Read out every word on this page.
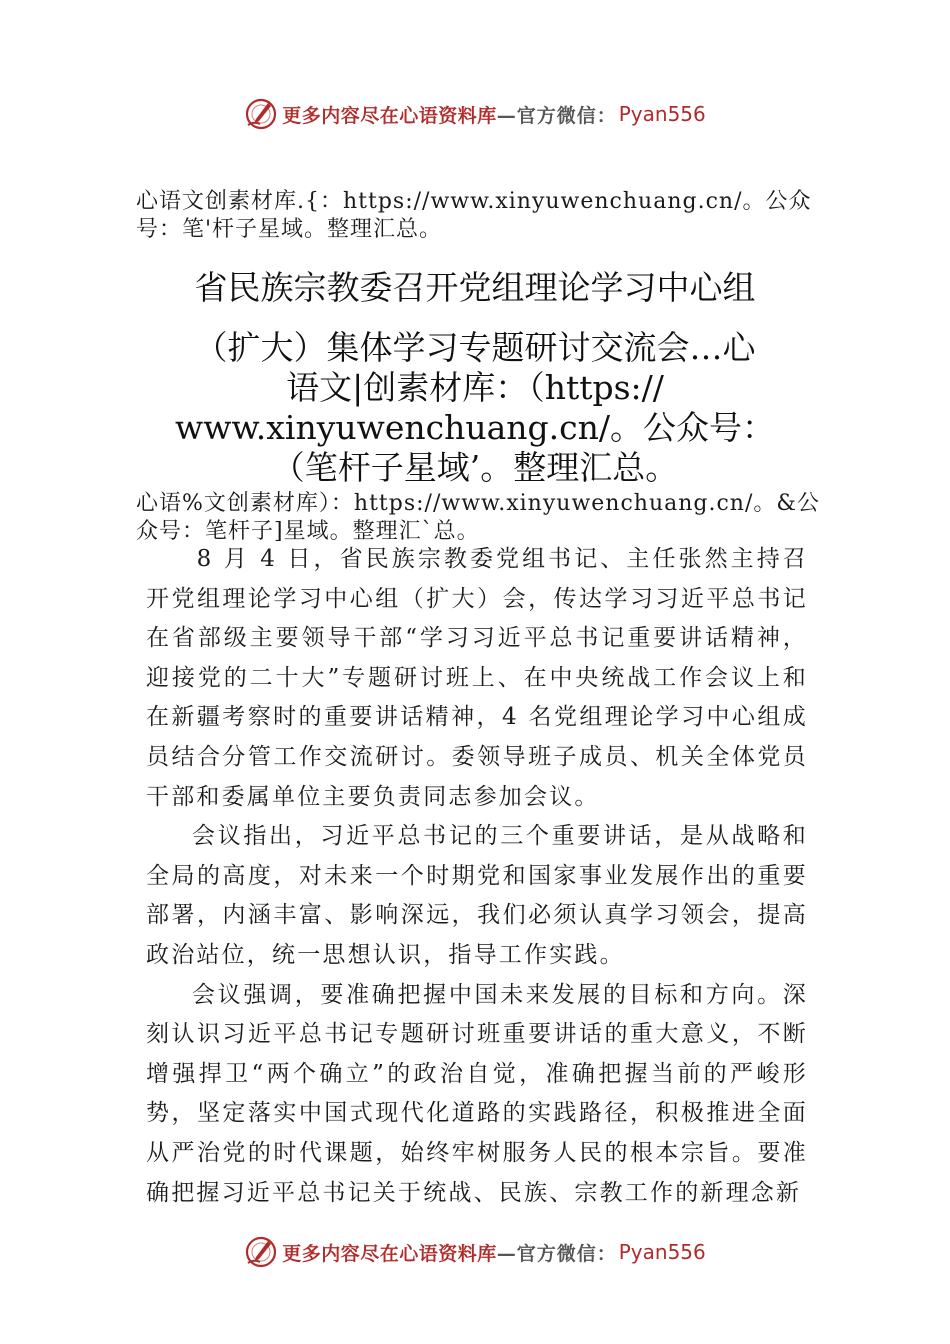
更多内容尽在心语资料库 —官方微信： Pyan556
心语文创素材库.{：https://www.xinyuwenchuang.cn/。公众号：笔'杆子星域。整理汇总。
省民族宗教委召开党组理论学习中心组
（扩大）集体学习专题研讨交流会…心
语文|创素材库：（https://
www.xinyuwenchuang.cn/。公众号：
（笔杆子星域’。整理汇总。
心语%文创素材库）：https://www.xinyuwenchuang.cn/。&公众号：笔杆子]星域。整理汇`总。

8 月 4 日，省民族宗教委党组书记、主任张然主持召开党组理论学习中心组（扩大）会，传达学习习近平总书记在省部级主要领导干部“学习习近平总书记重要讲话精神，迎接党的二十大”专题研讨班上、在中央统战工作会议上和在新疆考察时的重要讲话精神，4 名党组理论学习中心组成员结合分管工作交流研讨。委领导班子成员、机关全体党员干部和委属单位主要负责同志参加会议。

会议指出，习近平总书记的三个重要讲话，是从战略和全局的高度，对未来一个时期党和国家事业发展作出的重要部署，内涵丰富、影响深远，我们必须认真学习领会，提高政治站位，统一思想认识，指导工作实践。

会议强调，要准确把握中国未来发展的目标和方向。深刻认识习近平总书记专题研讨班重要讲话的重大意义，不断增强捍卫“两个确立”的政治自觉，准确把握当前的严峻形势，坚定落实中国式现代化道路的实践路径，积极推进全面从严治党的时代课题，始终牢树服务人民的根本宗旨。要准确把握习近平总书记关于统战、民族、宗教工作的新理念新

更多内容尽在心语资料库 —官方微信： Pyan556
